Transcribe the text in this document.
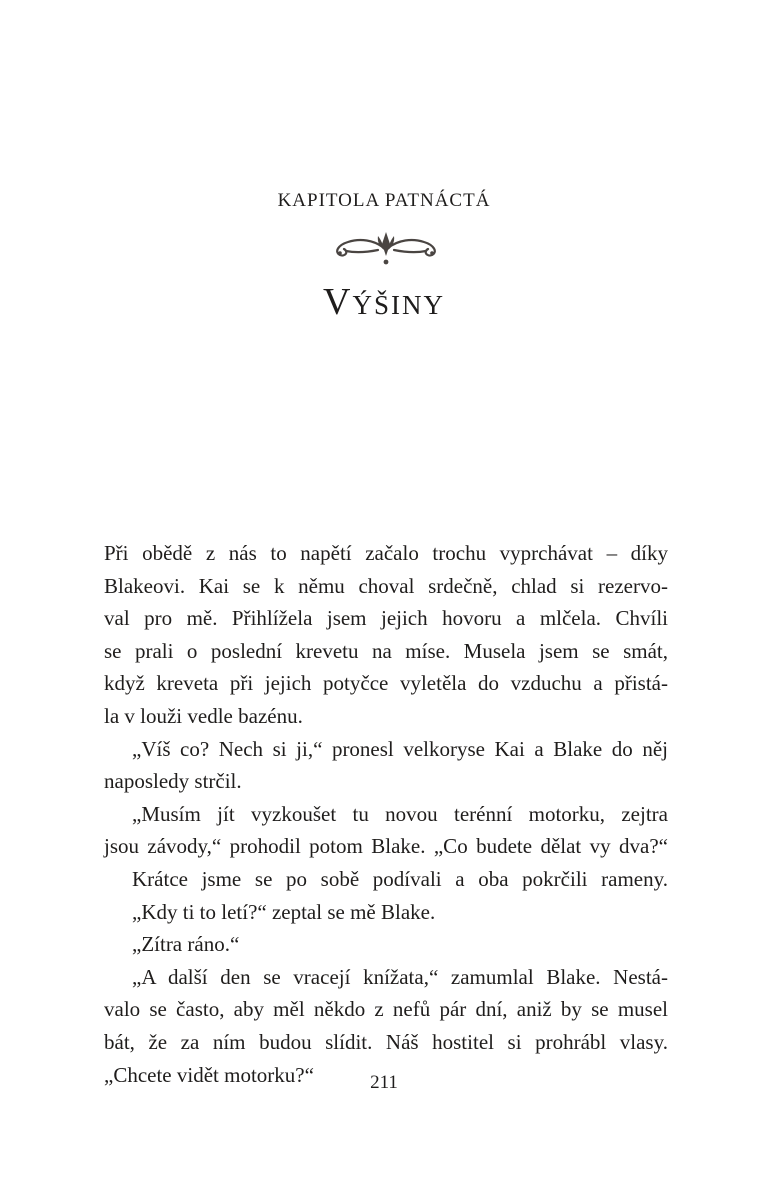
KAPITOLA PATNÁCTÁ
Výšiny
Při obědě z nás to napětí začalo trochu vyprchávat – díky
Blakeovi. Kai se k němu choval srdečně, chlad si rezervo-
val pro mě. Přihlížela jsem jejich hovoru a mlčela. Chvíli
se prali o poslední krevetu na míse. Musela jsem se smát,
když kreveta při jejich potyčce vyletěla do vzduchu a přistá-
la v louži vedle bazénu.
„Víš co? Nech si ji,“ pronesl velkoryse Kai a Blake do něj
naposledy strčil.
„Musím jít vyzkoušet tu novou terénní motorku, zejtra
jsou závody,“ prohodil potom Blake. „Co budete dělat vy dva?“
Krátce jsme se po sobě podívali a oba pokrčili rameny.
„Kdy ti to letí?“ zeptal se mě Blake.
„Zítra ráno.“
„A další den se vracejí knížata,“ zamumlal Blake. Nestá-
valo se často, aby měl někdo z nefů pár dní, aniž by se musel
bát, že za ním budou slídit. Náš hostitel si prohrábl vlasy.
„Chcete vidět motorku?“	211
